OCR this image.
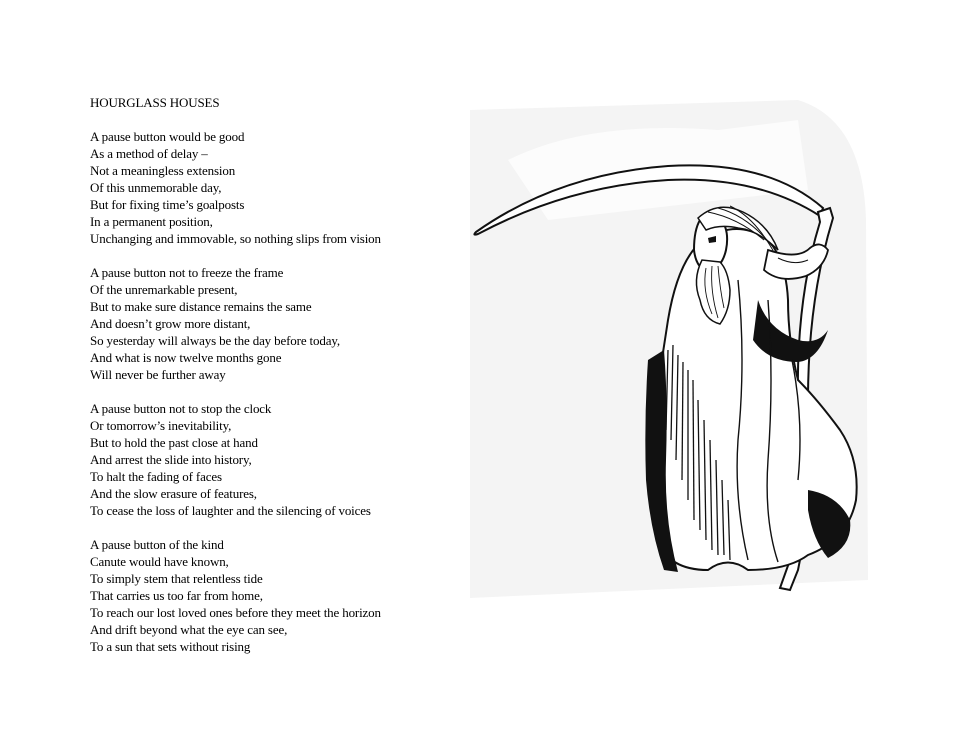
HOURGLASS HOUSES
A pause button would be good
As a method of delay –
Not a meaningless extension
Of this unmemorable day,
But for fixing time’s goalposts
In a permanent position,
Unchanging and immovable, so nothing slips from vision
A pause button not to freeze the frame
Of the unremarkable present,
But to make sure distance remains the same
And doesn’t grow more distant,
So yesterday will always be the day before today,
And what is now twelve months gone
Will never be further away
A pause button not to stop the clock
Or tomorrow’s inevitability,
But to hold the past close at hand
And arrest the slide into history,
To halt the fading of faces
And the slow erasure of features,
To cease the loss of laughter and the silencing of voices
A pause button of the kind
Canute would have known,
To simply stem that relentless tide
That carries us too far from home,
To reach our lost loved ones before they meet the horizon
And drift beyond what the eye can see,
To a sun that sets without rising
